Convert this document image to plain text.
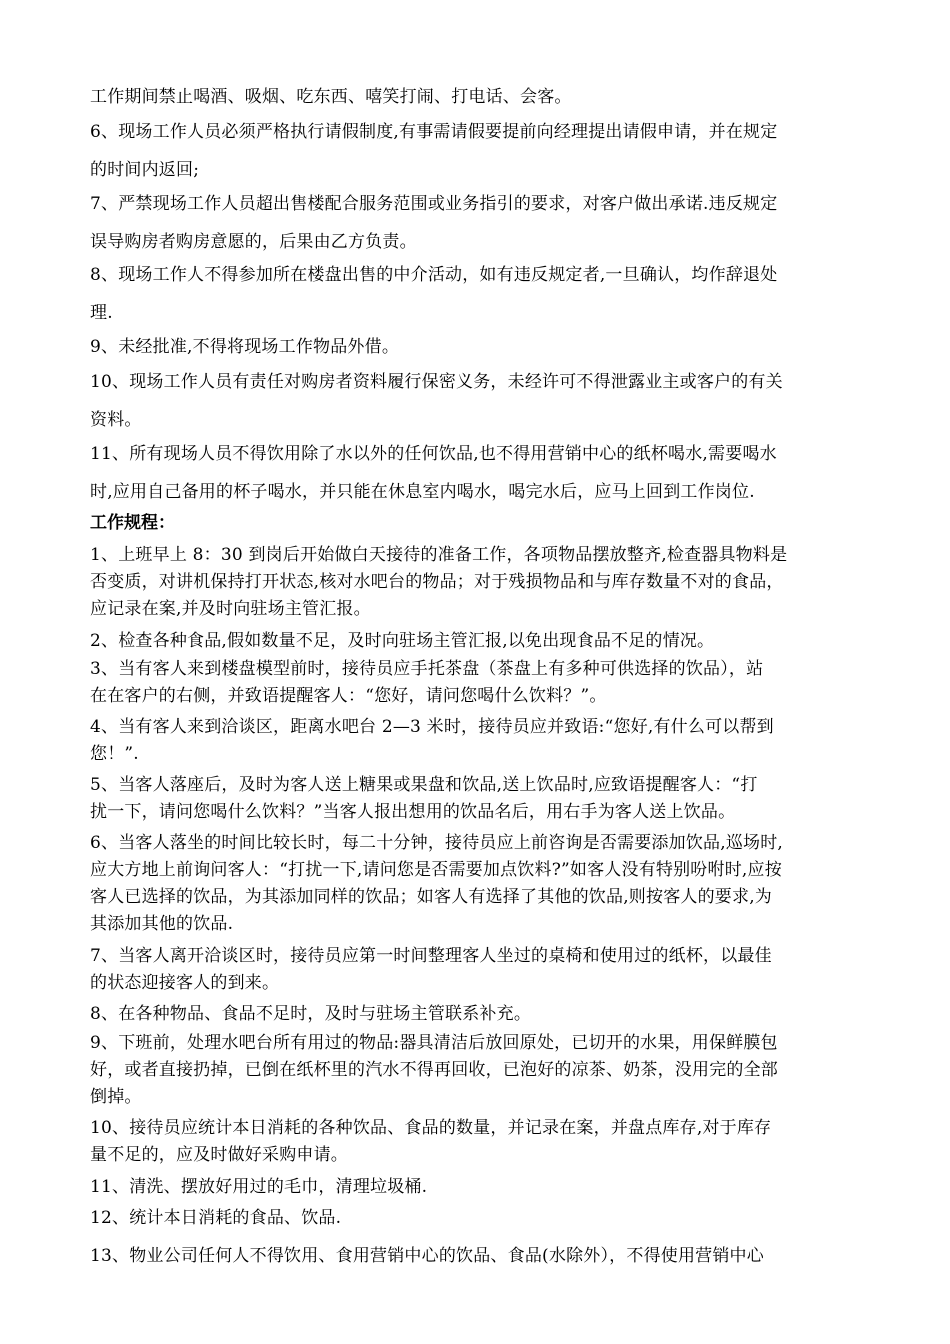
工作期间禁止喝酒、吸烟、吃东西、嘻笑打闹、打电话、会客。
6、现场工作人员必须严格执行请假制度,有事需请假要提前向经理提出请假申请，并在规定
的时间内返回;
7、严禁现场工作人员超出售楼配合服务范围或业务指引的要求，对客户做出承诺.违反规定
误导购房者购房意愿的，后果由乙方负责。
8、现场工作人不得参加所在楼盘出售的中介活动，如有违反规定者,一旦确认，均作辞退处
理.
9、未经批准,不得将现场工作物品外借。
10、现场工作人员有责任对购房者资料履行保密义务，未经许可不得泄露业主或客户的有关
资料。
11、所有现场人员不得饮用除了水以外的任何饮品,也不得用营销中心的纸杯喝水,需要喝水
时,应用自己备用的杯子喝水，并只能在休息室内喝水，喝完水后，应马上回到工作岗位.
工作规程：
1、上班早上 8：30 到岗后开始做白天接待的准备工作，各项物品摆放整齐,检查器具物料是
否变质，对讲机保持打开状态,核对水吧台的物品；对于残损物品和与库存数量不对的食品，
应记录在案,并及时向驻场主管汇报。
2、检查各种食品,假如数量不足，及时向驻场主管汇报,以免出现食品不足的情况。
3、当有客人来到楼盘模型前时，接待员应手托茶盘（茶盘上有多种可供选择的饮品），站
在在客户的右侧，并致语提醒客人：“您好，请问您喝什么饮料？”。
4、当有客人来到洽谈区，距离水吧台 2—3 米时，接待员应并致语:“您好,有什么可以帮到
您！”.
5、当客人落座后，及时为客人送上糖果或果盘和饮品,送上饮品时,应致语提醒客人：“打
扰一下，请问您喝什么饮料？”当客人报出想用的饮品名后，用右手为客人送上饮品。
6、当客人落坐的时间比较长时，每二十分钟，接待员应上前咨询是否需要添加饮品,巡场时,
应大方地上前询问客人：“打扰一下,请问您是否需要加点饮料?”如客人没有特别吩咐时,应按
客人已选择的饮品，为其添加同样的饮品；如客人有选择了其他的饮品,则按客人的要求,为
其添加其他的饮品.
7、当客人离开洽谈区时，接待员应第一时间整理客人坐过的桌椅和使用过的纸杯，以最佳
的状态迎接客人的到来。
8、在各种物品、食品不足时，及时与驻场主管联系补充。
9、下班前，处理水吧台所有用过的物品:器具清洁后放回原处，已切开的水果，用保鲜膜包
好，或者直接扔掉，已倒在纸杯里的汽水不得再回收，已泡好的凉茶、奶茶，没用完的全部
倒掉。
10、接待员应统计本日消耗的各种饮品、食品的数量，并记录在案，并盘点库存,对于库存
量不足的，应及时做好采购申请。
11、清洗、摆放好用过的毛巾，清理垃圾桶.
12、统计本日消耗的食品、饮品.
13、物业公司任何人不得饮用、食用营销中心的饮品、食品(水除外），不得使用营销中心
